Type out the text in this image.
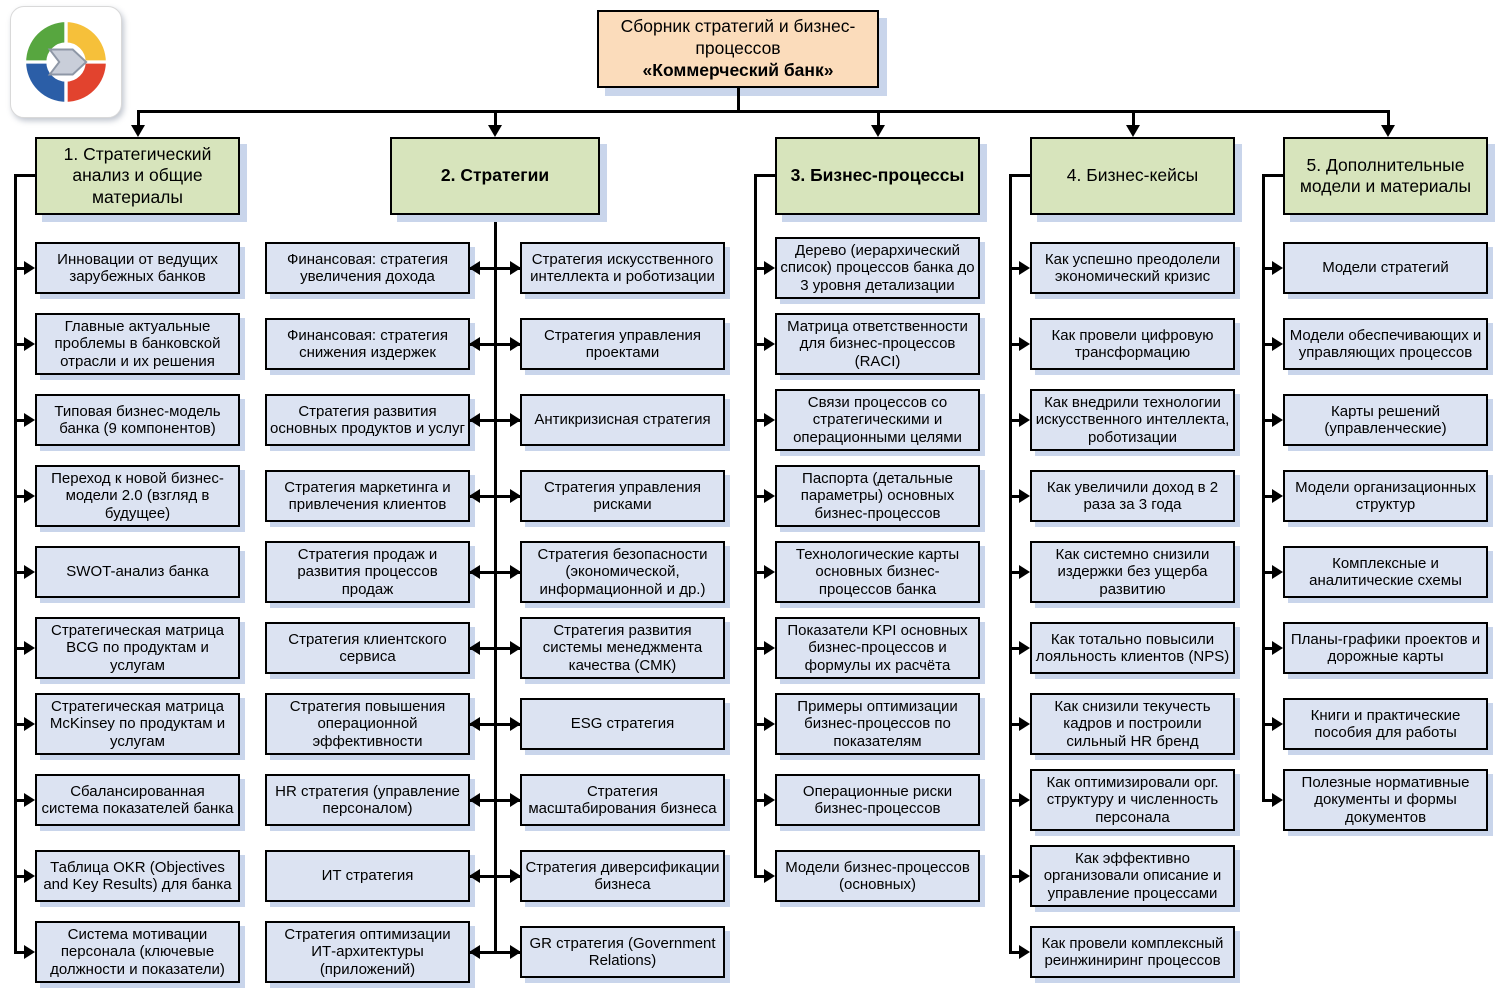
Сборник стратегий и бизнес-процессов
«Коммерческий банк»
1. Стратегический анализ и общие материалы
Инновации от ведущих зарубежных банков
Главные актуальные проблемы в банковской отрасли и их решения
Типовая бизнес-модель банка (9 компонентов)
Переход к новой бизнес-модели 2.0 (взгляд в будущее)
SWOT-анализ банка
Стратегическая матрица BCG по продуктам и услугам
Стратегическая матрица McKinsey по продуктам и услугам
Сбалансированная система показателей банка
Таблица OKR (Objectives and Key Results) для банка
Система мотивации персонала (ключевые должности и показатели)
2. Стратегии
Финансовая: стратегия увеличения дохода
Стратегия искусственного интеллекта и роботизации
Финансовая: стратегия снижения издержек
Стратегия управления проектами
Стратегия развития основных продуктов и услуг
Антикризисная стратегия
Стратегия маркетинга и привлечения клиентов
Стратегия управления рисками
Стратегия продаж и развития процессов продаж
Стратегия безопасности (экономической, информационной и др.)
Стратегия клиентского сервиса
Стратегия развития системы менеджмента качества (СМК)
Стратегия повышения операционной эффективности
ESG стратегия
HR стратегия (управление персоналом)
Стратегия масштабирования бизнеса
ИТ стратегия
Стратегия диверсификации бизнеса
Стратегия оптимизации ИТ-архитектуры (приложений)
GR стратегия (Government Relations)
3. Бизнес-процессы
Дерево (иерархический список) процессов банка до 3 уровня детализации
Матрица ответственности для бизнес-процессов (RACI)
Связи процессов со стратегическими и операционными целями
Паспорта (детальные параметры) основных бизнес-процессов
Технологические карты основных бизнес-процессов банка
Показатели KPI основных бизнес-процессов и формулы их расчёта
Примеры оптимизации бизнес-процессов по показателям
Операционные риски бизнес-процессов
Модели бизнес-процессов (основных)
4. Бизнес-кейсы
Как успешно преодолели экономический кризис
Как провели цифровую трансформацию
Как внедрили технологии искусственного интеллекта, роботизации
Как увеличили доход в 2 раза за 3 года
Как системно снизили издержки без ущерба развитию
Как тотально повысили лояльность клиентов (NPS)
Как снизили текучесть кадров и построили сильный HR бренд
Как оптимизировали орг. структуру и численность персонала
Как эффективно организовали описание и управление процессами
Как провели комплексный реинжиниринг процессов
5. Дополнительные модели и материалы
Модели стратегий
Модели обеспечивающих и управляющих процессов
Карты решений (управленческие)
Модели организационных структур
Комплексные и аналитические схемы
Планы-графики проектов и дорожные карты
Книги и практические пособия для работы
Полезные нормативные документы и формы документов
